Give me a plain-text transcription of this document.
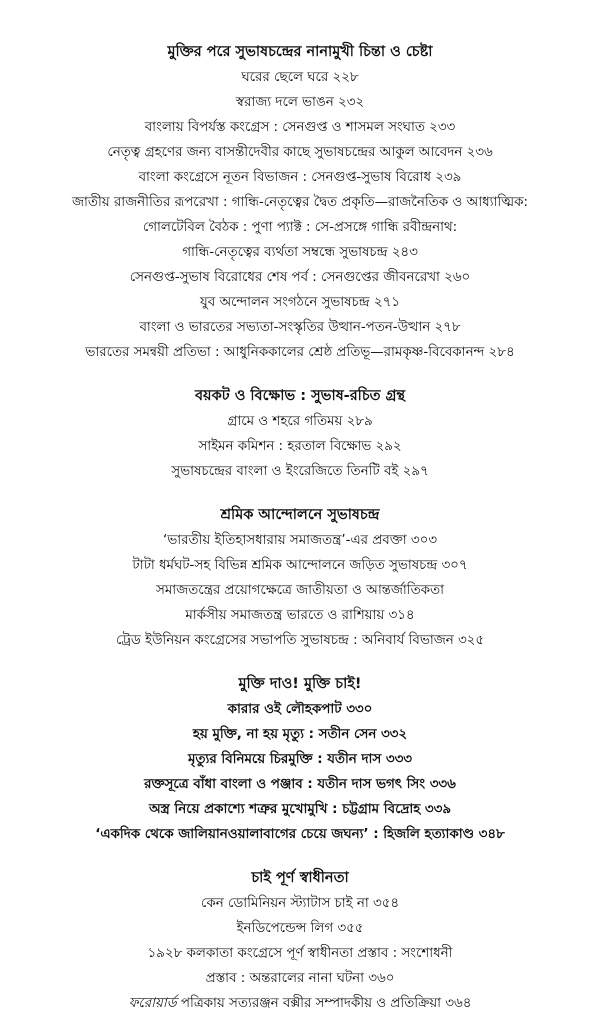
মুক্তির পরে সুভাষচন্দ্রের নানামুখী চিন্তা ও চেষ্টা
ঘরের ছেলে ঘরে ২২৮
স্বরাজ্য দলে ভাঙন ২৩২
বাংলায় বিপর্যস্ত কংগ্রেস : সেনগুপ্ত ও শাসমল সংঘাত ২৩৩
নেতৃত্ব গ্রহণের জন্য বাসন্তীদেবীর কাছে সুভাষচন্দ্রের আকুল আবেদন ২৩৬
বাংলা কংগ্রেসে নূতন বিভাজন : সেনগুপ্ত-সুভাষ বিরোধ ২৩৯
জাতীয় রাজনীতির রূপরেখা : গান্ধি-নেতৃত্বের দ্বৈত প্রকৃতি—রাজনৈতিক ও আধ্যাত্মিক:
গোলটেবিল বৈঠক : পুণা প্যাক্ট : সে-প্রসঙ্গে গান্ধি রবীন্দ্রনাথ:
গান্ধি-নেতৃত্বের ব্যর্থতা সম্বন্ধে সুভাষচন্দ্র ২৪৩
সেনগুপ্ত-সুভাষ বিরোধের শেষ পর্ব : সেনগুপ্তের জীবনরেখা ২৬০
যুব অন্দোলন সংগঠনে সুভাষচন্দ্র ২৭১
বাংলা ও ভারতের সভ্যতা-সংস্কৃতির উত্থান-পতন-উত্থান ২৭৮
ভারতের সমন্বয়ী প্রতিভা : আধুনিককালের শ্রেষ্ঠ প্রতিভূ—রামকৃষ্ণ-বিবেকানন্দ ২৮৪
বয়কট ও বিক্ষোভ : সুভাষ-রচিত গ্রন্থ
গ্রামে ও শহরে গতিময় ২৮৯
সাইমন কমিশন : হরতাল বিক্ষোভ ২৯২
সুভাষচন্দ্রের বাংলা ও ইংরেজিতে তিনটি বই ২৯৭
শ্রমিক আন্দোলনে সুভাষচন্দ্র
‘ভারতীয় ইতিহাসধারায় সমাজতন্ত্র’-এর প্রবক্তা ৩০৩
টাটা ধর্মঘট-সহ বিভিন্ন শ্রমিক আন্দোলনে জড়িত সুভাষচন্দ্র ৩০৭
সমাজতন্ত্রের প্রয়োগক্ষেত্রে জাতীয়তা ও আন্তর্জাতিকতা
মার্কসীয় সমাজতন্ত্র ভারতে ও রাশিয়ায় ৩১৪
ট্রেড ইউনিয়ন কংগ্রেসের সভাপতি সুভাষচন্দ্র : অনিবার্য বিভাজন ৩২৫
মুক্তি দাও! মুক্তি চাই!
কারার ওই লৌহকপাট ৩৩০
হয় মুক্তি, না হয় মৃত্যু : সতীন সেন ৩৩২
মৃত্যুর বিনিময়ে চিরমুক্তি : যতীন দাস ৩৩৩
রক্তসূত্রে বাঁধা বাংলা ও পঞ্জাব : যতীন দাস ভগৎ সিং ৩৩৬
অস্ত্র নিয়ে প্রকাশ্যে শত্রুর মুখোমুখি : চট্টগ্রাম বিদ্রোহ ৩৩৯
‘একদিক থেকে জালিয়ানওয়ালাবাগের চেয়ে জঘন্য’ : হিজলি হত্যাকাণ্ড ৩৪৮
চাই পূর্ণ স্বাধীনতা
কেন ডোমিনিয়ন স্ট্যাটাস চাই না ৩৫৪
ইনডিপেন্ডেন্স লিগ ৩৫৫
১৯২৮ কলকাতা কংগ্রেসে পূর্ণ স্বাধীনতা প্রস্তাব : সংশোধনী
প্রস্তাব : অন্তরালের নানা ঘটনা ৩৬০
ফরোয়ার্ড পত্রিকায় সত্যরঞ্জন বক্সীর সম্পাদকীয় ও প্রতিক্রিয়া ৩৬৪
